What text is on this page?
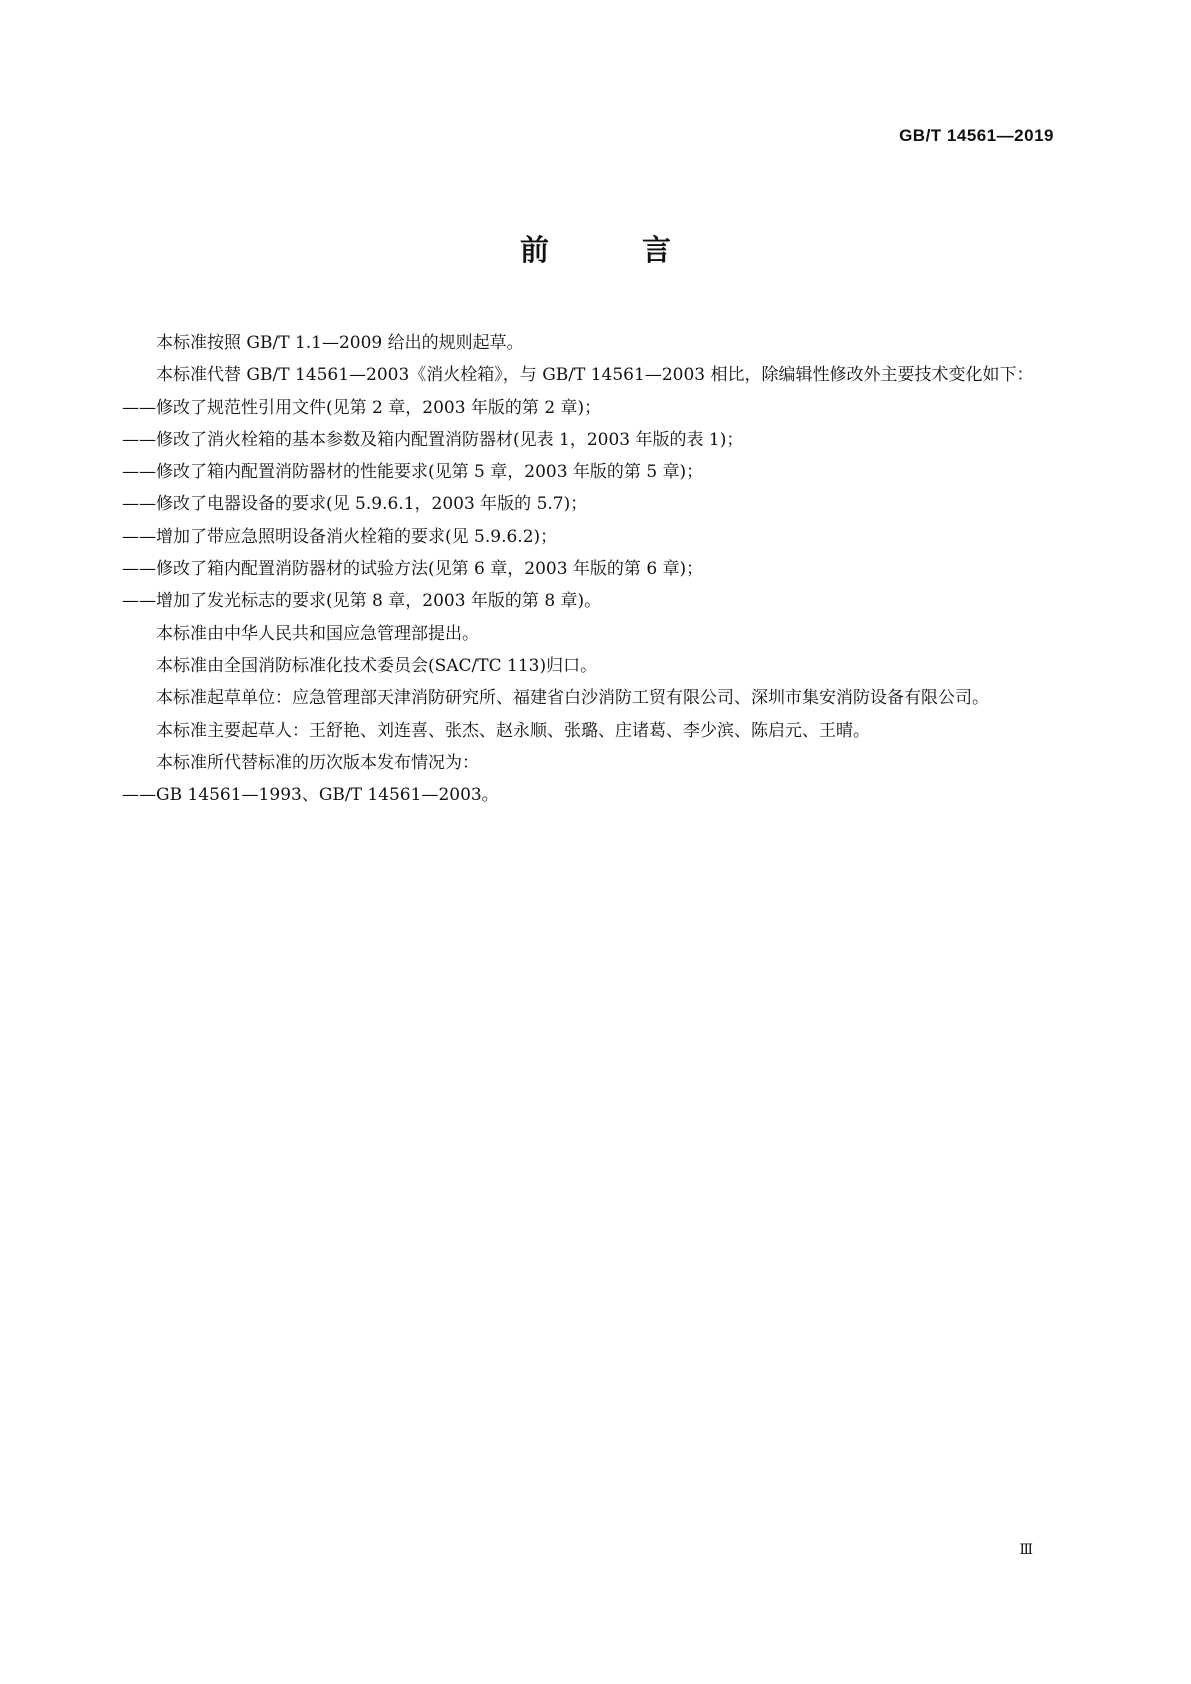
GB/T 14561—2019
前　言

本标准按照 GB/T 1.1—2009 给出的规则起草。

本标准代替 GB/T 14561—2003《消火栓箱》，与 GB/T 14561—2003 相比，除编辑性修改外主要技术变化如下：

——修改了规范性引用文件(见第 2 章，2003 年版的第 2 章)；

——修改了消火栓箱的基本参数及箱内配置消防器材(见表 1，2003 年版的表 1)；

——修改了箱内配置消防器材的性能要求(见第 5 章，2003 年版的第 5 章)；

——修改了电器设备的要求(见 5.9.6.1，2003 年版的 5.7)；

——增加了带应急照明设备消火栓箱的要求(见 5.9.6.2)；

——修改了箱内配置消防器材的试验方法(见第 6 章，2003 年版的第 6 章)；

——增加了发光标志的要求(见第 8 章，2003 年版的第 8 章)。

本标准由中华人民共和国应急管理部提出。

本标准由全国消防标准化技术委员会(SAC/TC 113)归口。

本标准起草单位：应急管理部天津消防研究所、福建省白沙消防工贸有限公司、深圳市集安消防设备有限公司。

本标准主要起草人：王舒艳、刘连喜、张杰、赵永顺、张璐、庄诸葛、李少滨、陈启元、王晴。

本标准所代替标准的历次版本发布情况为：

——GB 14561—1993、GB/T 14561—2003。

Ⅲ
